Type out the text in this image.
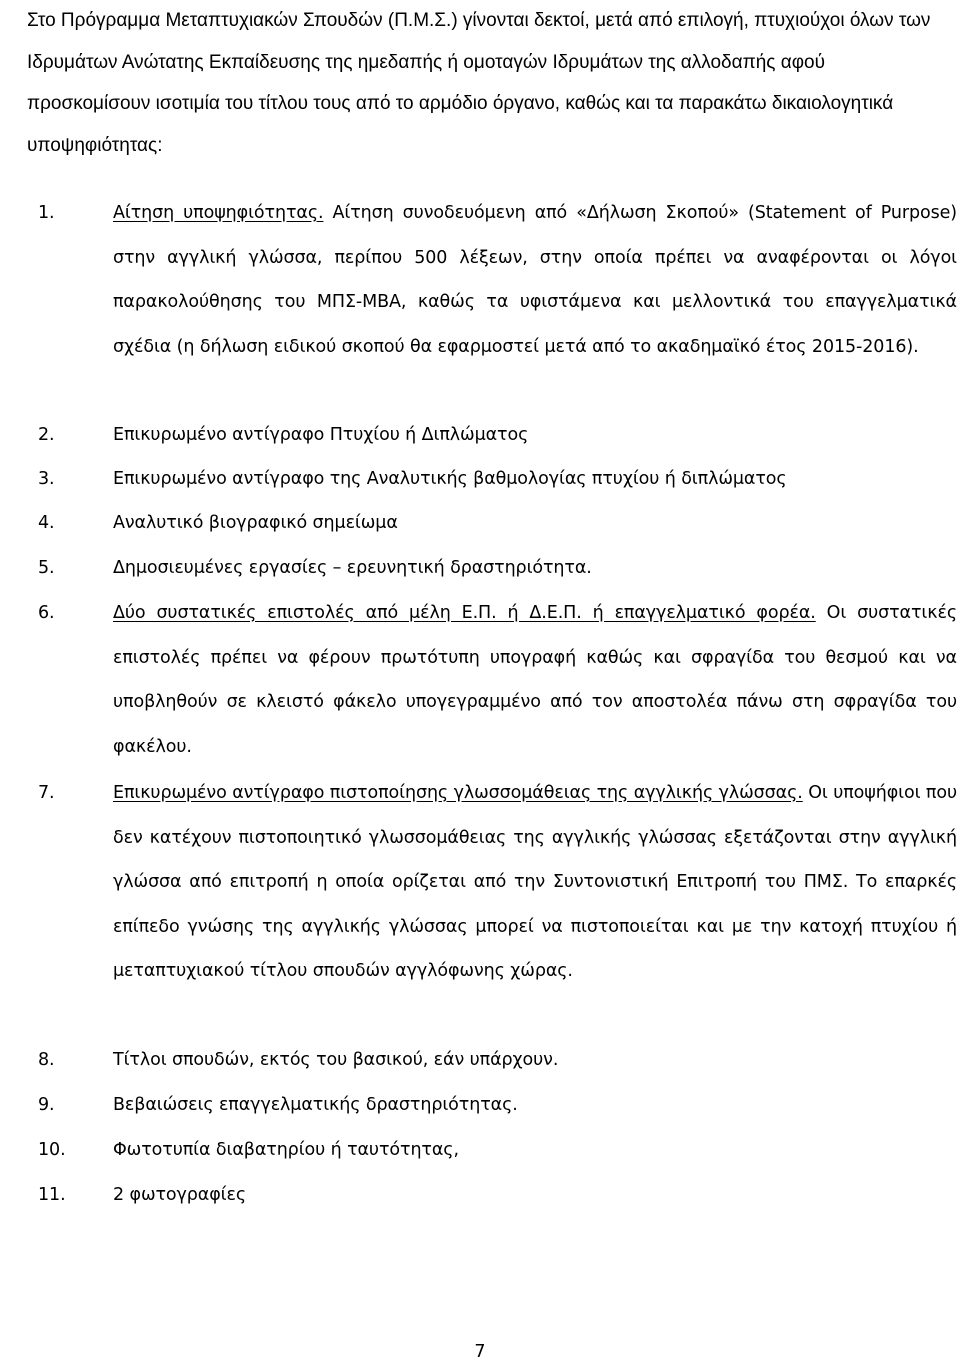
Στο Πρόγραμμα Μεταπτυχιακών Σπουδών (Π.Μ.Σ.) γίνονται δεκτοί, μετά από επιλογή, πτυχιούχοι όλων των Ιδρυμάτων Ανώτατης Εκπαίδευσης της ημεδαπής ή ομοταγών Ιδρυμάτων της αλλοδαπής αφού προσκομίσουν ισοτιμία του τίτλου τους από το αρμόδιο όργανο, καθώς και τα παρακάτω δικαιολογητικά υποψηφιότητας:

1.	Αίτηση υποψηφιότητας. Αίτηση συνοδευόμενη από «Δήλωση Σκοπού» (Statement of Purpose) στην αγγλική γλώσσα, περίπου 500 λέξεων, στην οποία πρέπει να αναφέρονται οι λόγοι παρακολούθησης του ΜΠΣ-MBA, καθώς τα υφιστάμενα και μελλοντικά του επαγγελματικά σχέδια (η δήλωση ειδικού σκοπού θα εφαρμοστεί μετά από το ακαδημαϊκό έτος 2015-2016).
2.	Επικυρωμένο αντίγραφο Πτυχίου ή Διπλώματος
3.	Επικυρωμένο αντίγραφο της Αναλυτικής βαθμολογίας πτυχίου ή διπλώματος
4.	Αναλυτικό βιογραφικό σημείωμα
5.	Δημοσιευμένες εργασίες – ερευνητική δραστηριότητα.
6.	Δύο συστατικές επιστολές από μέλη Ε.Π. ή Δ.Ε.Π. ή επαγγελματικό φορέα. Οι συστατικές επιστολές πρέπει να φέρουν πρωτότυπη υπογραφή καθώς και σφραγίδα του θεσμού και να υποβληθούν σε κλειστό φάκελο υπογεγραμμένο από τον αποστολέα πάνω στη σφραγίδα του φακέλου.
7.	Επικυρωμένο αντίγραφο πιστοποίησης γλωσσομάθειας της αγγλικής γλώσσας. Οι υποψήφιοι που δεν κατέχουν πιστοποιητικό γλωσσομάθειας της αγγλικής γλώσσας εξετάζονται στην αγγλική γλώσσα από επιτροπή η οποία ορίζεται από την Συντονιστική Επιτροπή του ΠΜΣ. Το επαρκές επίπεδο γνώσης της αγγλικής γλώσσας μπορεί να πιστοποιείται και με την κατοχή πτυχίου ή μεταπτυχιακού τίτλου σπουδών αγγλόφωνης χώρας.
8.	Τίτλοι σπουδών, εκτός του βασικού, εάν υπάρχουν.
9.	Βεβαιώσεις επαγγελματικής δραστηριότητας.
10.	Φωτοτυπία διαβατηρίου ή ταυτότητας,
11.	2 φωτογραφίες
7
